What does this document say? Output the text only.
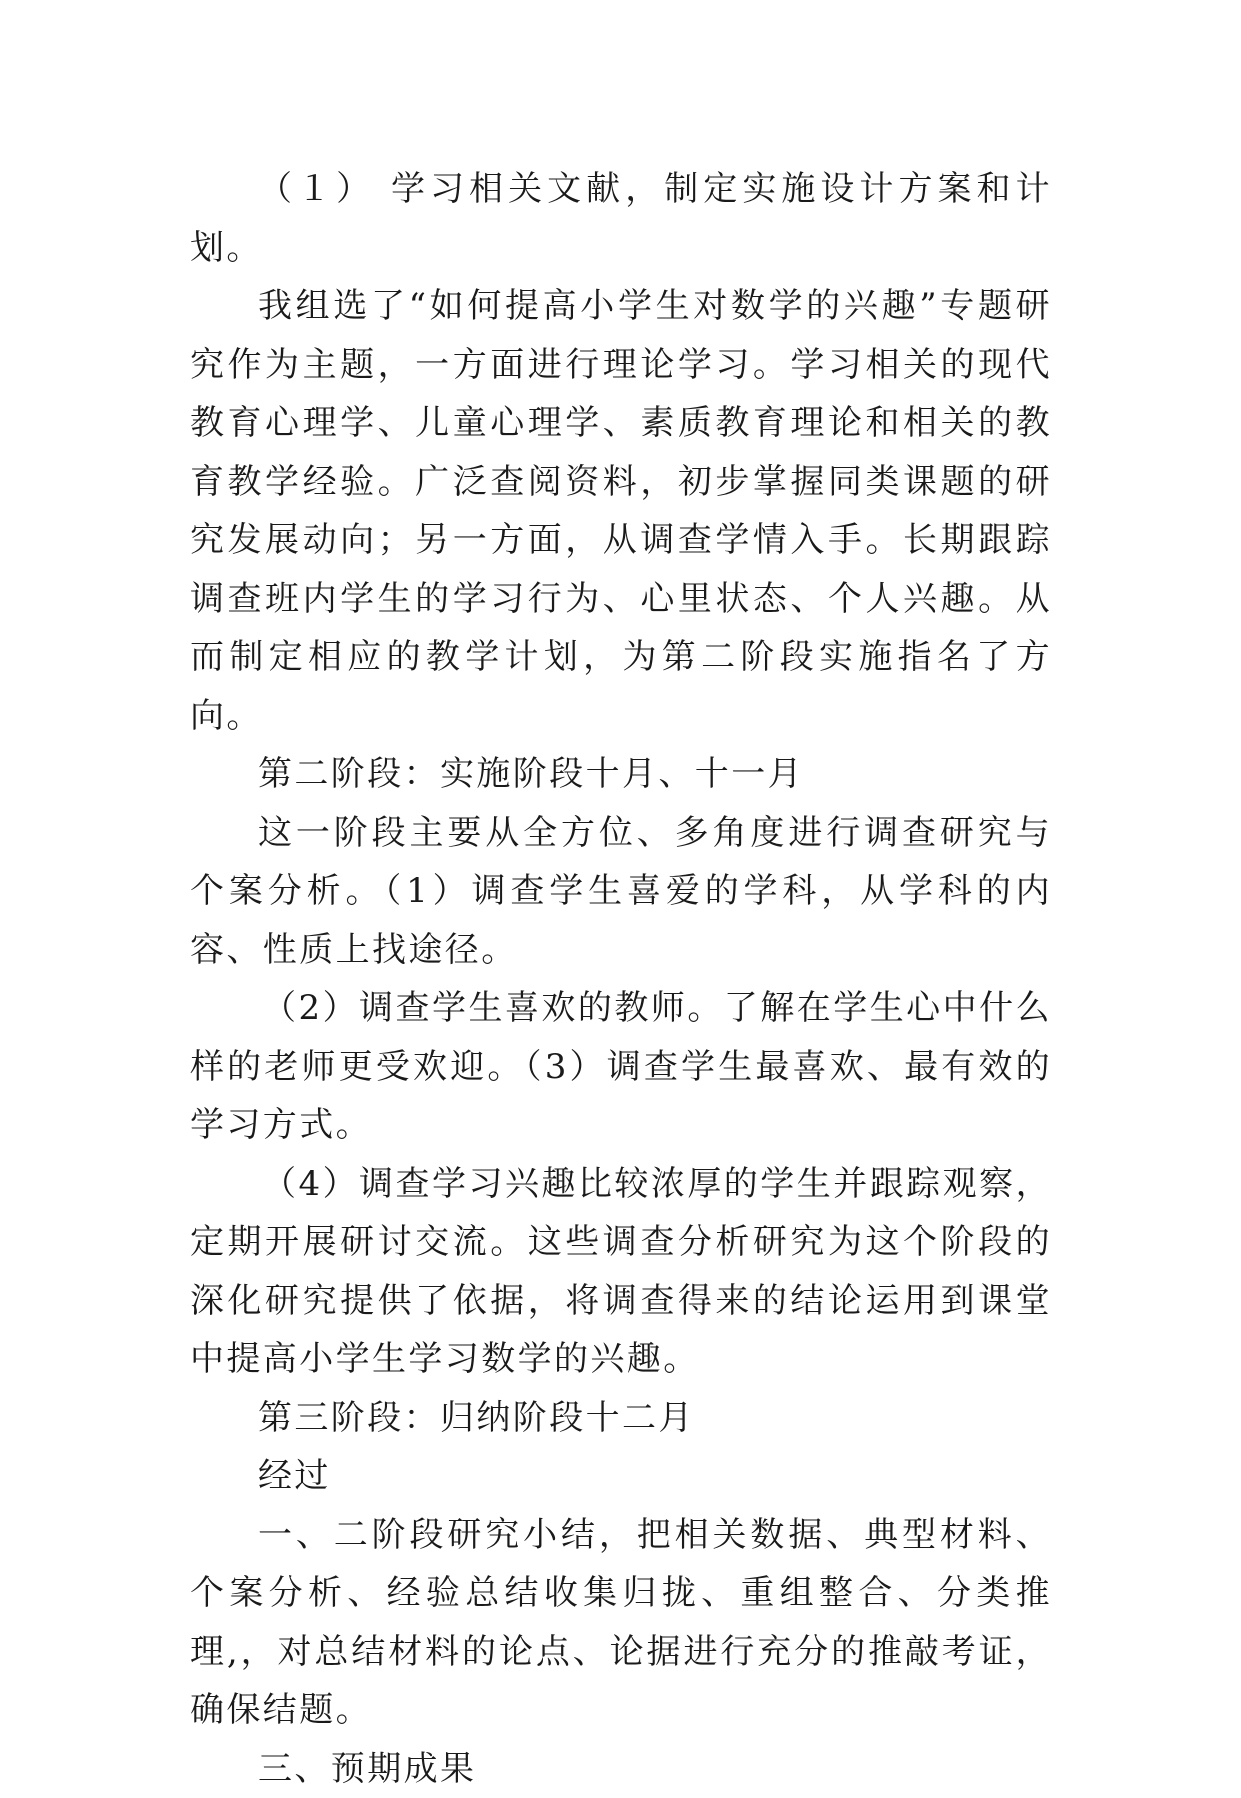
（１） 学习相关文献，制定实施设计方案和计划。

我组选了“如何提高小学生对数学的兴趣”专题研究作为主题，一方面进行理论学习。学习相关的现代教育心理学、儿童心理学、素质教育理论和相关的教育教学经验。广泛查阅资料，初步掌握同类课题的研究发展动向；另一方面，从调查学情入手。长期跟踪调查班内学生的学习行为、心里状态、个人兴趣。从而制定相应的教学计划，为第二阶段实施指名了方向。

第二阶段：实施阶段十月、十一月

这一阶段主要从全方位、多角度进行调查研究与个案分析。（1）调查学生喜爱的学科，从学科的内容、性质上找途径。

（2）调查学生喜欢的教师。了解在学生心中什么样的老师更受欢迎。（3）调查学生最喜欢、最有效的学习方式。

（4）调查学习兴趣比较浓厚的学生并跟踪观察，定期开展研讨交流。这些调查分析研究为这个阶段的深化研究提供了依据，将调查得来的结论运用到课堂中提高小学生学习数学的兴趣。

第三阶段：归纳阶段十二月

经过

一、二阶段研究小结，把相关数据、典型材料、个案分析、经验总结收集归拢、重组整合、分类推理,，对总结材料的论点、论据进行充分的推敲考证，确保结题。

三、预期成果
